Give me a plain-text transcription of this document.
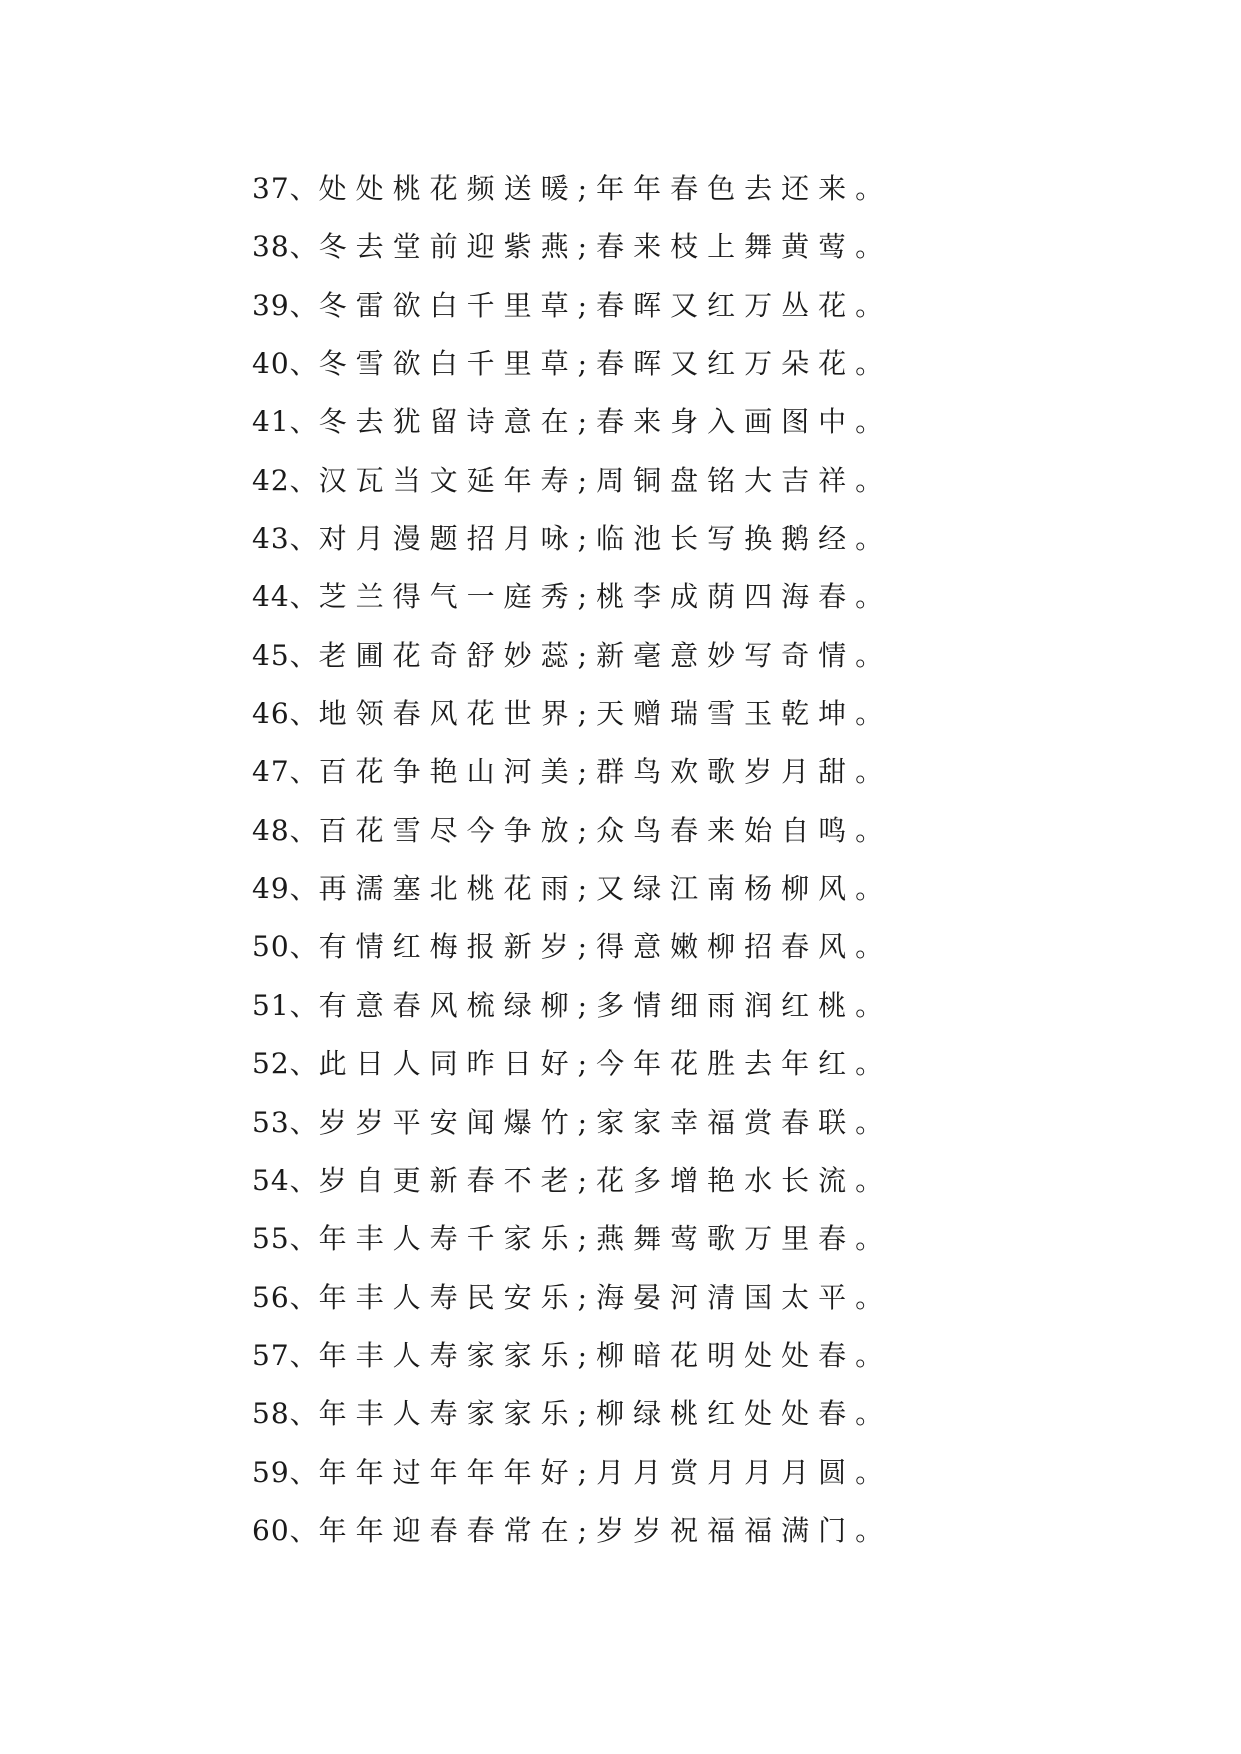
37、处处桃花频送暖;年年春色去还来。
38、冬去堂前迎紫燕;春来枝上舞黄莺。
39、冬雷欲白千里草;春晖又红万丛花。
40、冬雪欲白千里草;春晖又红万朵花。
41、冬去犹留诗意在;春来身入画图中。
42、汉瓦当文延年寿;周铜盘铭大吉祥。
43、对月漫题招月咏;临池长写换鹅经。
44、芝兰得气一庭秀;桃李成荫四海春。
45、老圃花奇舒妙蕊;新毫意妙写奇情。
46、地领春风花世界;天赠瑞雪玉乾坤。
47、百花争艳山河美;群鸟欢歌岁月甜。
48、百花雪尽今争放;众鸟春来始自鸣。
49、再濡塞北桃花雨;又绿江南杨柳风。
50、有情红梅报新岁;得意嫩柳招春风。
51、有意春风梳绿柳;多情细雨润红桃。
52、此日人同昨日好;今年花胜去年红。
53、岁岁平安闻爆竹;家家幸福赏春联。
54、岁自更新春不老;花多增艳水长流。
55、年丰人寿千家乐;燕舞莺歌万里春。
56、年丰人寿民安乐;海晏河清国太平。
57、年丰人寿家家乐;柳暗花明处处春。
58、年丰人寿家家乐;柳绿桃红处处春。
59、年年过年年年好;月月赏月月月圆。
60、年年迎春春常在;岁岁祝福福满门。
